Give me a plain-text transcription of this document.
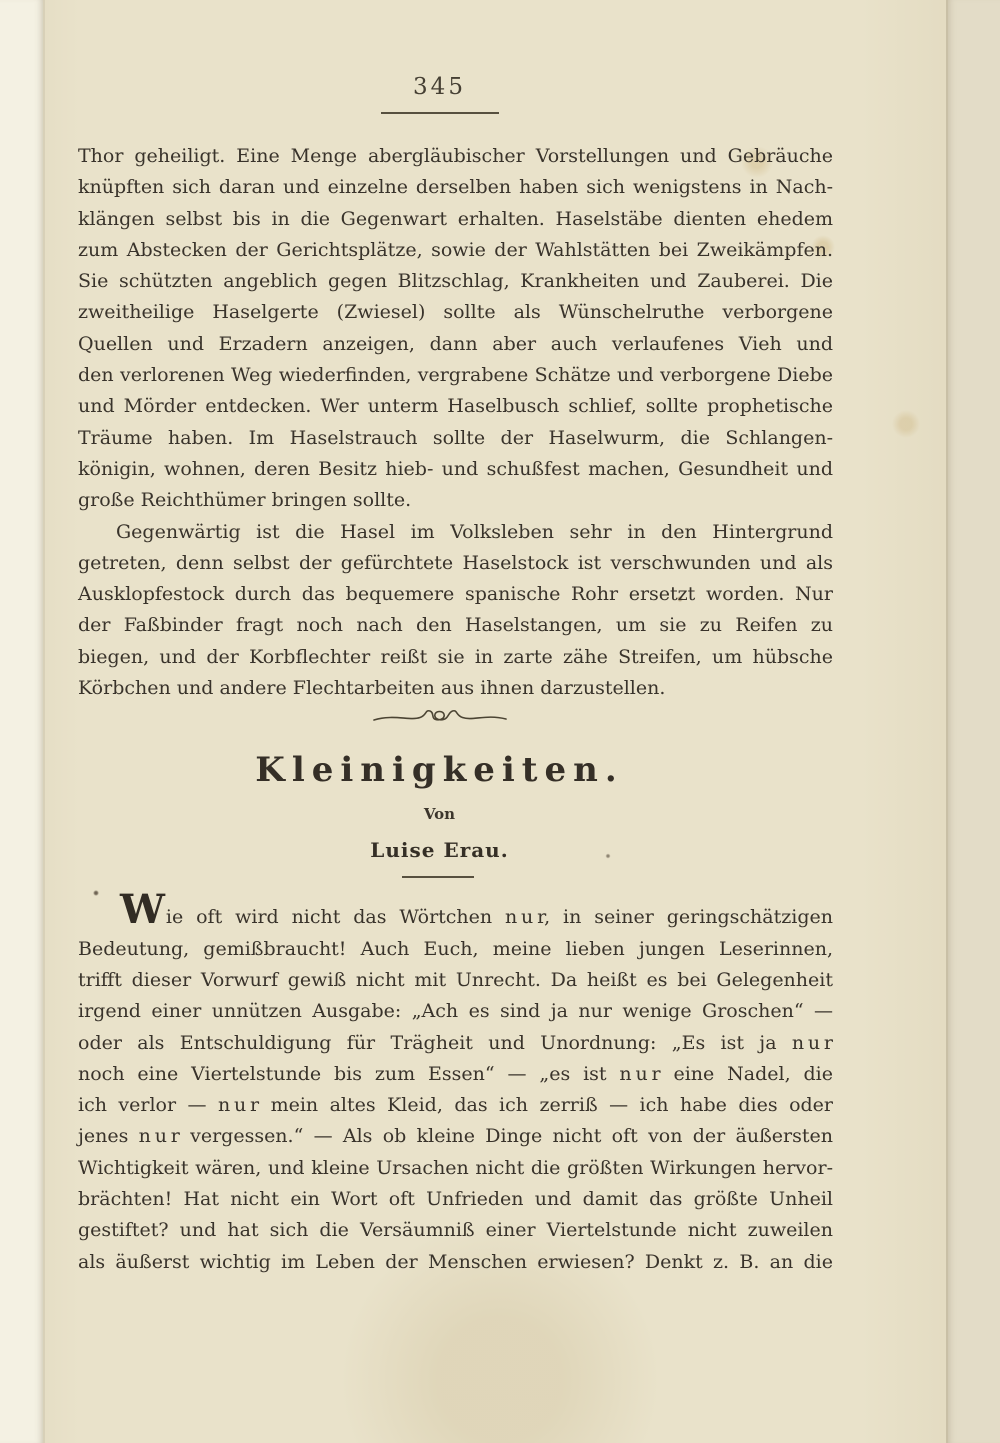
345
Thor geheiligt. Eine Menge abergläubischer Vorstellungen und Gebräuche
knüpften sich daran und einzelne derselben haben sich wenigstens in Nach-
klängen selbst bis in die Gegenwart erhalten. Haselstäbe dienten ehedem
zum Abstecken der Gerichtsplätze, sowie der Wahlstätten bei Zweikämpfen.
Sie schützten angeblich gegen Blitzschlag, Krankheiten und Zauberei. Die
zweitheilige Haselgerte (Zwiesel) sollte als Wünschelruthe verborgene
Quellen und Erzadern anzeigen, dann aber auch verlaufenes Vieh und
den verlorenen Weg wiederfinden, vergrabene Schätze und verborgene Diebe
und Mörder entdecken. Wer unterm Haselbusch schlief, sollte prophetische
Träume haben. Im Haselstrauch sollte der Haselwurm, die Schlangen-
königin, wohnen, deren Besitz hieb- und schußfest machen, Gesundheit und
große Reichthümer bringen sollte.
Gegenwärtig ist die Hasel im Volksleben sehr in den Hintergrund
getreten, denn selbst der gefürchtete Haselstock ist verschwunden und als
Ausklopfestock durch das bequemere spanische Rohr ersetzt worden. Nur
der Faßbinder fragt noch nach den Haselstangen, um sie zu Reifen zu
biegen, und der Korbflechter reißt sie in zarte zähe Streifen, um hübsche
Körbchen und andere Flechtarbeiten aus ihnen darzustellen.
Kleinigkeiten.
Von
Luise Erau.
Wie oft wird nicht das Wörtchen n u r, in seiner geringschätzigen
Bedeutung, gemißbraucht! Auch Euch, meine lieben jungen Leserinnen,
trifft dieser Vorwurf gewiß nicht mit Unrecht. Da heißt es bei Gelegenheit
irgend einer unnützen Ausgabe: „Ach es sind ja nur wenige Groschen“ —
oder als Entschuldigung für Trägheit und Unordnung: „Es ist ja n u r
noch eine Viertelstunde bis zum Essen“ — „es ist n u r eine Nadel, die
ich verlor — n u r mein altes Kleid, das ich zerriß — ich habe dies oder
jenes n u r vergessen.“ — Als ob kleine Dinge nicht oft von der äußersten
Wichtigkeit wären, und kleine Ursachen nicht die größten Wirkungen hervor-
brächten! Hat nicht ein Wort oft Unfrieden und damit das größte Unheil
gestiftet? und hat sich die Versäumniß einer Viertelstunde nicht zuweilen
als äußerst wichtig im Leben der Menschen erwiesen? Denkt z. B. an die
